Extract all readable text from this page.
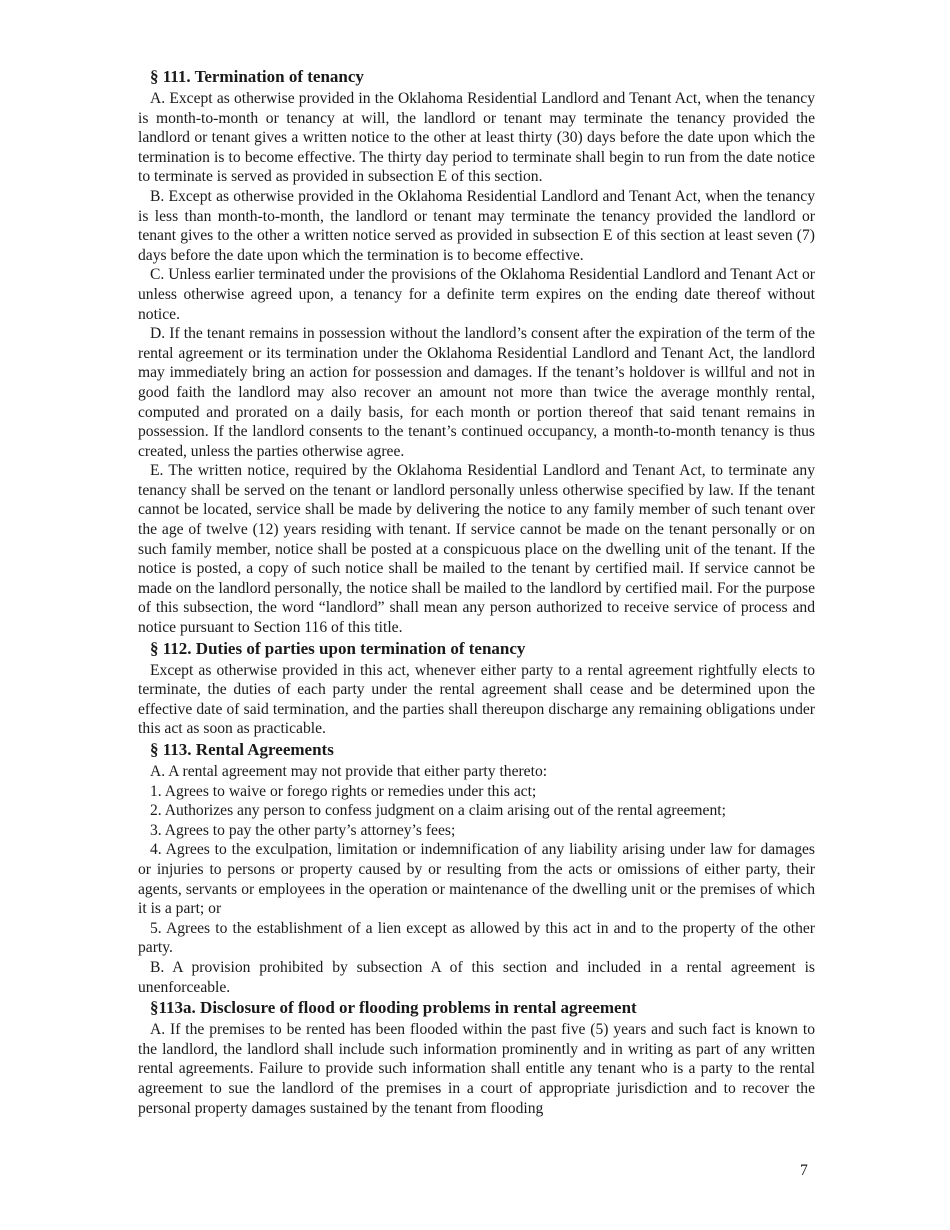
§ 111. Termination of tenancy

A. Except as otherwise provided in the Oklahoma Residential Landlord and Tenant Act, when the tenancy is month-to-month or tenancy at will, the landlord or tenant may terminate the tenancy provided the landlord or tenant gives a written notice to the other at least thirty (30) days before the date upon which the termination is to become effective. The thirty day period to terminate shall begin to run from the date notice to terminate is served as provided in subsection E of this section.

B. Except as otherwise provided in the Oklahoma Residential Landlord and Tenant Act, when the tenancy is less than month-to-month, the landlord or tenant may terminate the tenancy provided the landlord or tenant gives to the other a written notice served as provided in subsection E of this section at least seven (7) days before the date upon which the termination is to become effective.

C. Unless earlier terminated under the provisions of the Oklahoma Residential Landlord and Tenant Act or unless otherwise agreed upon, a tenancy for a definite term expires on the ending date thereof without notice.

D. If the tenant remains in possession without the landlord’s consent after the expiration of the term of the rental agreement or its termination under the Oklahoma Residential Landlord and Tenant Act, the landlord may immediately bring an action for possession and damages. If the tenant’s holdover is willful and not in good faith the landlord may also recover an amount not more than twice the average monthly rental, computed and prorated on a daily basis, for each month or portion thereof that said tenant remains in possession. If the landlord consents to the tenant’s continued occupancy, a month-to-month tenancy is thus created, unless the parties otherwise agree.

E. The written notice, required by the Oklahoma Residential Landlord and Tenant Act, to terminate any tenancy shall be served on the tenant or landlord personally unless otherwise specified by law. If the tenant cannot be located, service shall be made by delivering the notice to any family member of such tenant over the age of twelve (12) years residing with tenant. If service cannot be made on the tenant personally or on such family member, notice shall be posted at a conspicuous place on the dwelling unit of the tenant. If the notice is posted, a copy of such notice shall be mailed to the tenant by certified mail. If service cannot be made on the landlord personally, the notice shall be mailed to the landlord by certified mail. For the purpose of this subsection, the word “landlord” shall mean any person authorized to receive service of process and notice pursuant to Section 116 of this title.

§ 112. Duties of parties upon termination of tenancy

Except as otherwise provided in this act, whenever either party to a rental agreement rightfully elects to terminate, the duties of each party under the rental agreement shall cease and be determined upon the effective date of said termination, and the parties shall thereupon discharge any remaining obligations under this act as soon as practicable.

§ 113. Rental Agreements

A. A rental agreement may not provide that either party thereto:

1. Agrees to waive or forego rights or remedies under this act;

2. Authorizes any person to confess judgment on a claim arising out of the rental agreement;

3. Agrees to pay the other party’s attorney’s fees;

4. Agrees to the exculpation, limitation or indemnification of any liability arising under law for damages or injuries to persons or property caused by or resulting from the acts or omissions of either party, their agents, servants or employees in the operation or maintenance of the dwelling unit or the premises of which it is a part; or

5. Agrees to the establishment of a lien except as allowed by this act in and to the property of the other party.

B. A provision prohibited by subsection A of this section and included in a rental agreement is unenforceable.

§113a. Disclosure of flood or flooding problems in rental agreement

A. If the premises to be rented has been flooded within the past five (5) years and such fact is known to the landlord, the landlord shall include such information prominently and in writing as part of any written rental agreements. Failure to provide such information shall entitle any tenant who is a party to the rental agreement to sue the landlord of the premises in a court of appropriate jurisdiction and to recover the personal property damages sustained by the tenant from flooding

7
